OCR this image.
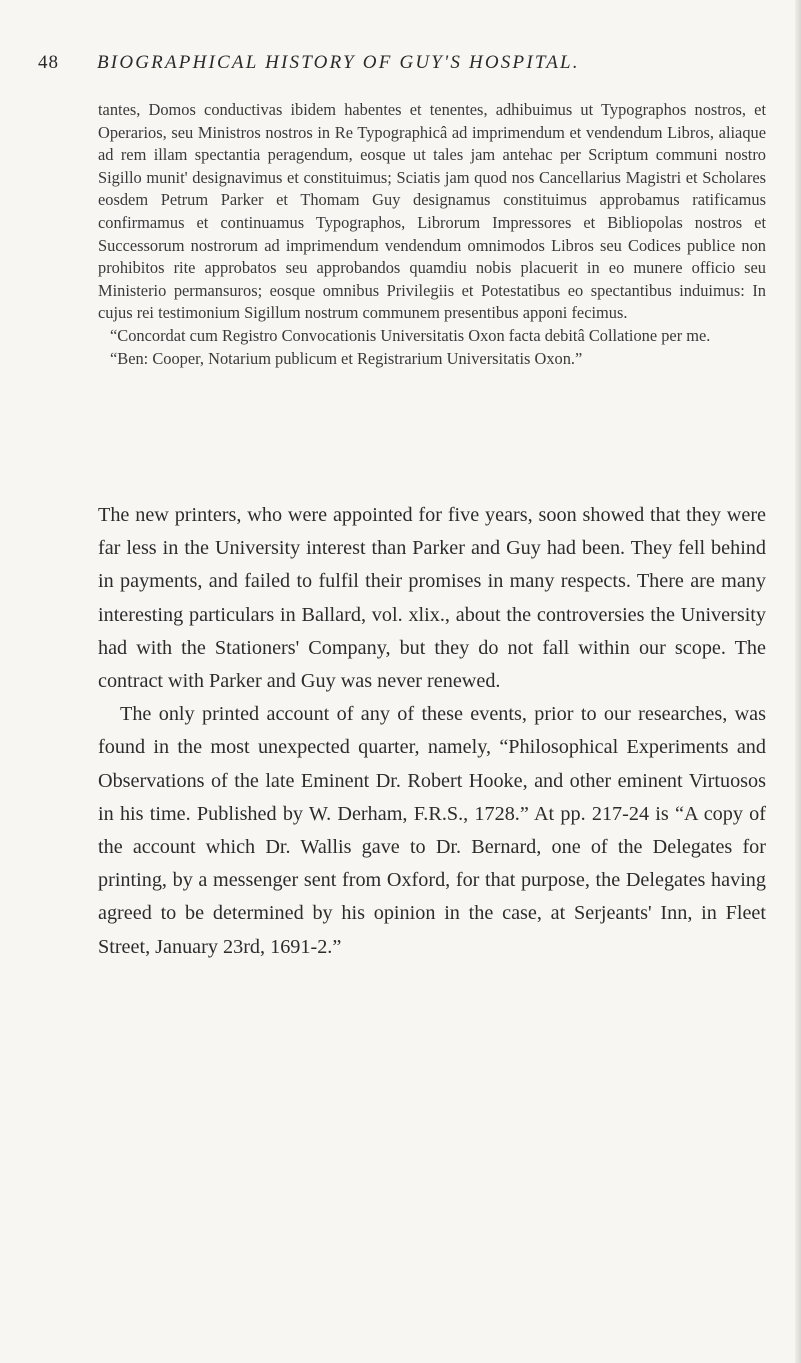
48 BIOGRAPHICAL HISTORY OF GUY'S HOSPITAL.

tantes, Domos conductivas ibidem habentes et tenentes, adhibuimus ut Typographos nostros, et Operarios, seu Ministros nostros in Re Typographicâ ad imprimendum et vendendum Libros, aliaque ad rem illam spectantia peragendum, eosque ut tales jam antehac per Scriptum communi nostro Sigillo munit' designavimus et constituimus; Sciatis jam quod nos Cancellarius Magistri et Scholares eosdem Petrum Parker et Thomam Guy designamus constituimus approbamus ratificamus confirmamus et continuamus Typographos, Librorum Impressores et Bibliopolas nostros et Successorum nostrorum ad imprimendum vendendum omnimodos Libros seu Codices publice non prohibitos rite approbatos seu approbandos quamdiu nobis placuerit in eo munere officio seu Ministerio permansuros; eosque omnibus Privilegiis et Potestatibus eo spectantibus induimus: In cujus rei testimonium Sigillum nostrum communem presentibus apponi fecimus.

“Concordat cum Registro Convocationis Universitatis Oxon facta debitâ Collatione per me.

“Ben: Cooper, Notarium publicum et Registrarium Universitatis Oxon.”

The new printers, who were appointed for five years, soon showed that they were far less in the University interest than Parker and Guy had been. They fell behind in payments, and failed to fulfil their promises in many respects. There are many interesting particulars in Ballard, vol. xlix., about the controversies the University had with the Stationers' Company, but they do not fall within our scope. The contract with Parker and Guy was never renewed.

The only printed account of any of these events, prior to our researches, was found in the most unexpected quarter, namely, “Philosophical Experiments and Observations of the late Eminent Dr. Robert Hooke, and other eminent Virtuosos in his time. Published by W. Derham, F.R.S., 1728.” At pp. 217-24 is “A copy of the account which Dr. Wallis gave to Dr. Bernard, one of the Delegates for printing, by a messenger sent from Oxford, for that purpose, the Delegates having agreed to be determined by his opinion in the case, at Serjeants' Inn, in Fleet Street, January 23rd, 1691-2.”
